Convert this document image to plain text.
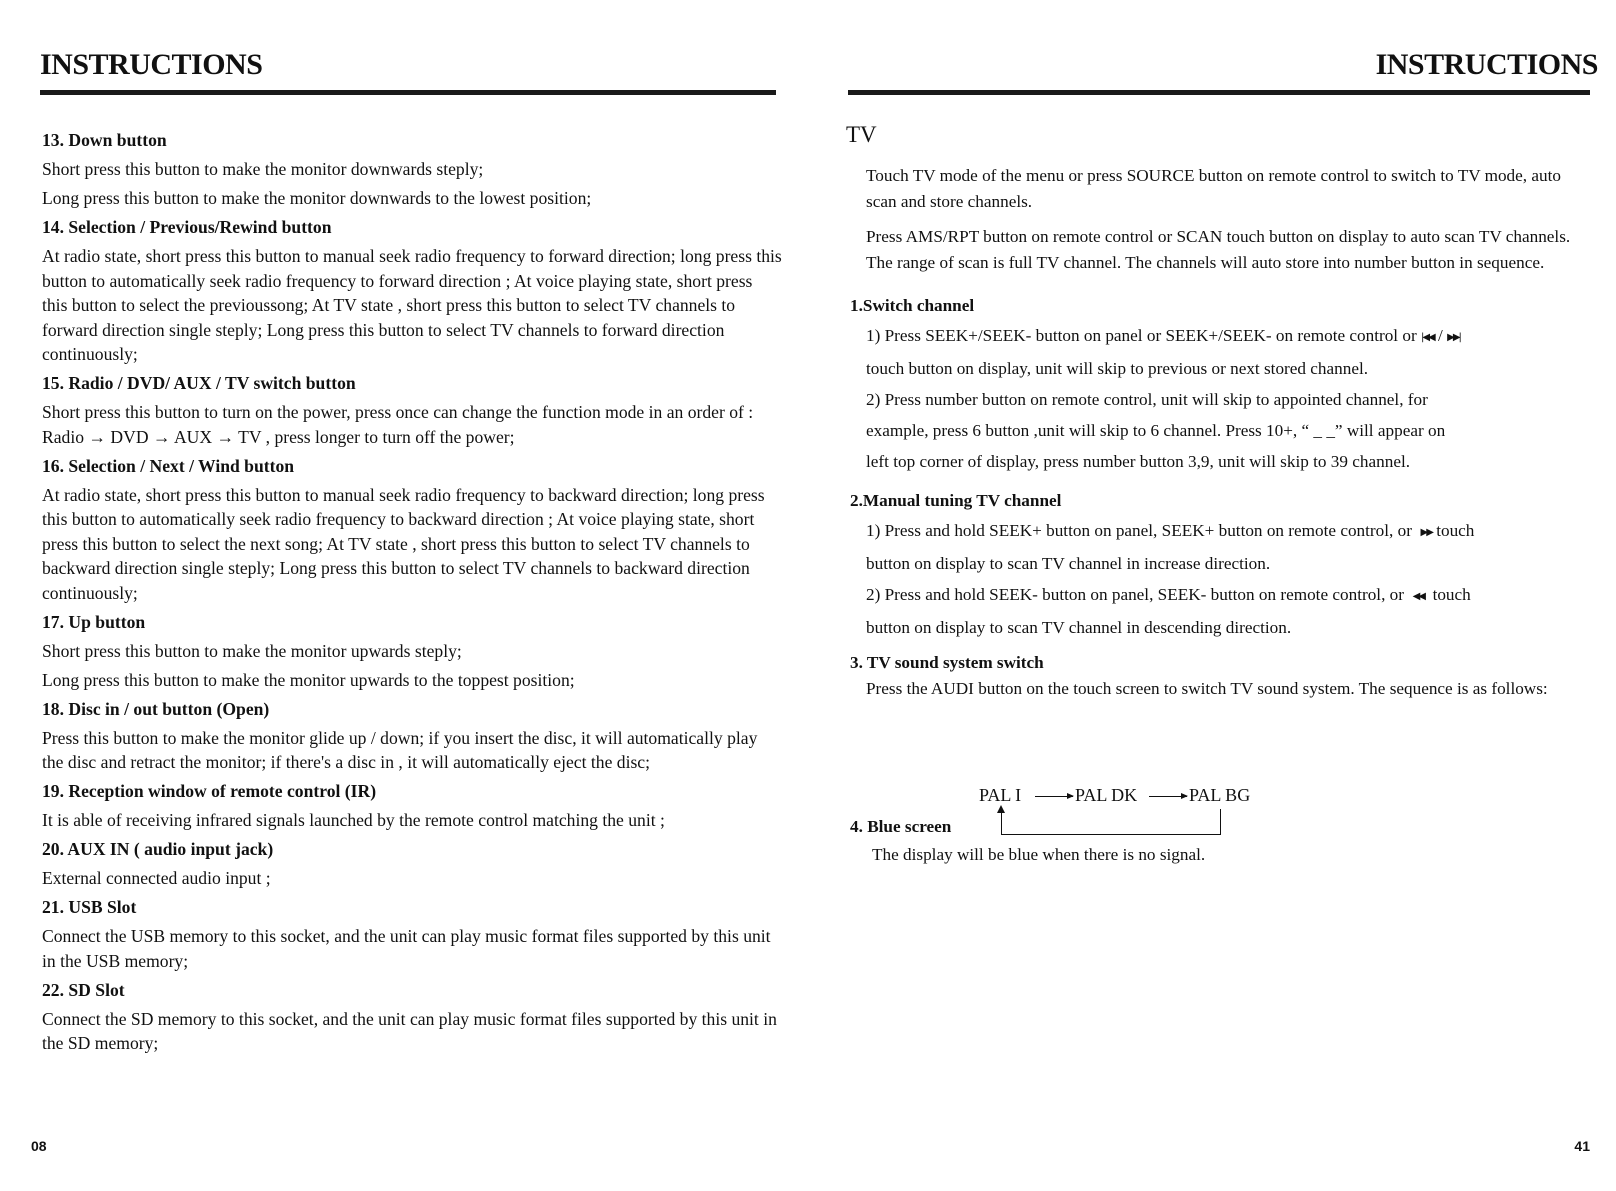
INSTRUCTIONS
13. Down button

Short press this button to make the monitor downwards steply;

Long press this button to make the monitor downwards to the lowest position;

14. Selection / Previous/Rewind button

At radio state, short press this button to manual seek radio frequency to forward direction; long press this button to automatically seek radio frequency to forward direction ; At voice playing state, short press this button to select the previoussong; At TV state , short press this button to select TV channels to forward direction single steply; Long press this button to select TV channels to forward direction continuously;

15. Radio / DVD/ AUX / TV switch button

Short press this button to turn on the power, press once can change the function mode in an order of : Radio → DVD → AUX → TV , press longer to turn off the power;

16. Selection / Next / Wind button

At radio state, short press this button to manual seek radio frequency to backward direction; long press this button to automatically seek radio frequency to backward direction ; At voice playing state, short press this button to select the next song; At TV state , short press this button to select TV channels to backward direction single steply; Long press this button to select TV channels to backward direction continuously;

17. Up button

Short press this button to make the monitor upwards steply;

Long press this button to make the monitor upwards to the toppest position;

18. Disc in / out button (Open)

Press this button to make the monitor glide up / down; if you insert the disc, it will automatically play the disc and retract the monitor; if there's a disc in , it will automatically eject the disc;

19. Reception window of remote control (IR)

It is able of receiving infrared signals launched by the remote control matching the unit ;

20. AUX IN ( audio input jack)

External connected audio input ;

21. USB Slot

Connect the USB memory to this socket, and the unit can play music format files supported by this unit in the USB memory;

22. SD Slot

Connect the SD memory to this socket, and the unit can play music format files supported by this unit in the SD memory;

08
INSTRUCTIONS
TV

Touch TV mode of the menu or press SOURCE button on remote control to switch to TV mode, auto scan and store channels.

Press AMS/RPT button on remote control or SCAN touch button on display to auto scan TV channels. The range of scan is full TV channel. The channels will auto store into number button in sequence.

1.Switch channel

1) Press SEEK+/SEEK- button on panel or SEEK+/SEEK- on remote control or |◀◀ / ▶▶|

touch button on display, unit will skip to previous or next stored channel.

2) Press number button on remote control, unit will skip to appointed channel, for

example, press 6 button ,unit will skip to 6 channel. Press 10+, “ _ _” will appear on

left top corner of display, press number button 3,9, unit will skip to 39 channel.

2.Manual tuning TV channel

1) Press and hold SEEK+ button on panel, SEEK+ button on remote control, or ▶▶ touch

button on display to scan TV channel in increase direction.

2) Press and hold SEEK- button on panel, SEEK- button on remote control, or ◀◀ touch

button on display to scan TV channel in descending direction.

3. TV sound system switch

Press the AUDI button on the touch screen to switch TV sound system. The sequence is as follows:

4. Blue screen

The display will be blue when there is no signal.

PAL I	PAL DK	PAL BG
41
